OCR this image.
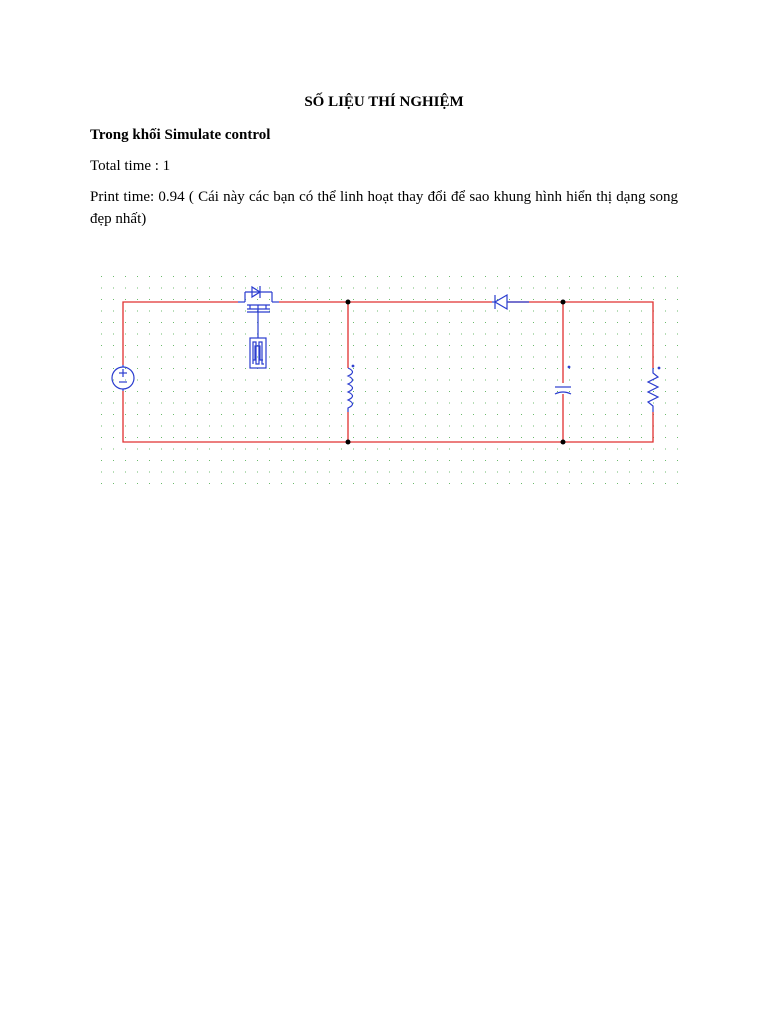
SỐ LIỆU THÍ NGHIỆM
Trong khối Simulate control
Total time : 1
Print time: 0.94 ( Cái này các bạn có thể linh hoạt thay đổi để sao khung hình hiển thị dạng song đẹp nhất)
